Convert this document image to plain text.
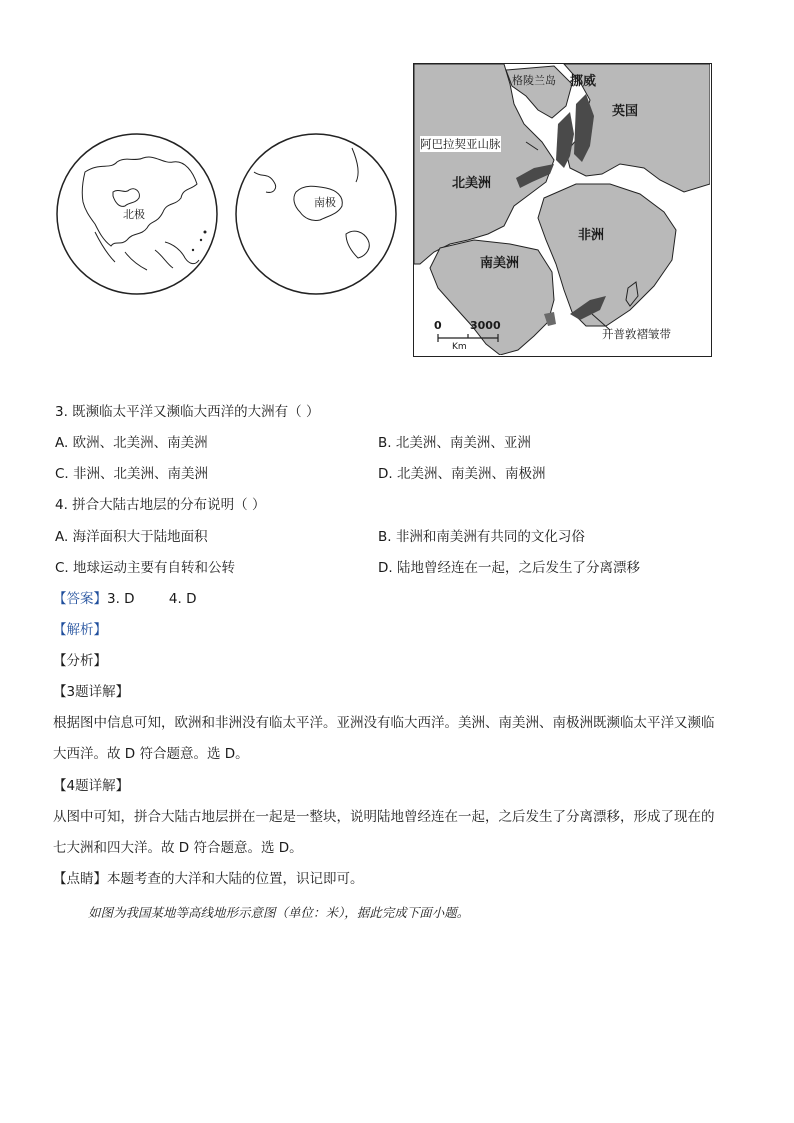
北极
南极
格陵兰岛 挪威
英国
阿巴拉契亚山脉
北美洲
非洲
南美洲
0	3000
Km
开普敦褶皱带
3. 既濒临太平洋又濒临大西洋的大洲有（ ）
A. 欧洲、北美洲、南美洲	B. 北美洲、南美洲、亚洲
C. 非洲、北美洲、南美洲	D. 北美洲、南美洲、南极洲
4. 拼合大陆古地层的分布说明（ ）
A. 海洋面积大于陆地面积	B. 非洲和南美洲有共同的文化习俗
C. 地球运动主要有自转和公转	D. 陆地曾经连在一起，之后发生了分离漂移
【答案】3. D        4. D
【解析】
【分析】
【3题详解】
根据图中信息可知，欧洲和非洲没有临太平洋。亚洲没有临大西洋。美洲、南美洲、南极洲既濒临太平洋又濒临
大西洋。故 D 符合题意。选 D。
【4题详解】
从图中可知，拼合大陆古地层拼在一起是一整块，说明陆地曾经连在一起，之后发生了分离漂移，形成了现在的
七大洲和四大洋。故 D 符合题意。选 D。
【点睛】本题考查的大洋和大陆的位置，识记即可。
如图为我国某地等高线地形示意图（单位：米），据此完成下面小题。
